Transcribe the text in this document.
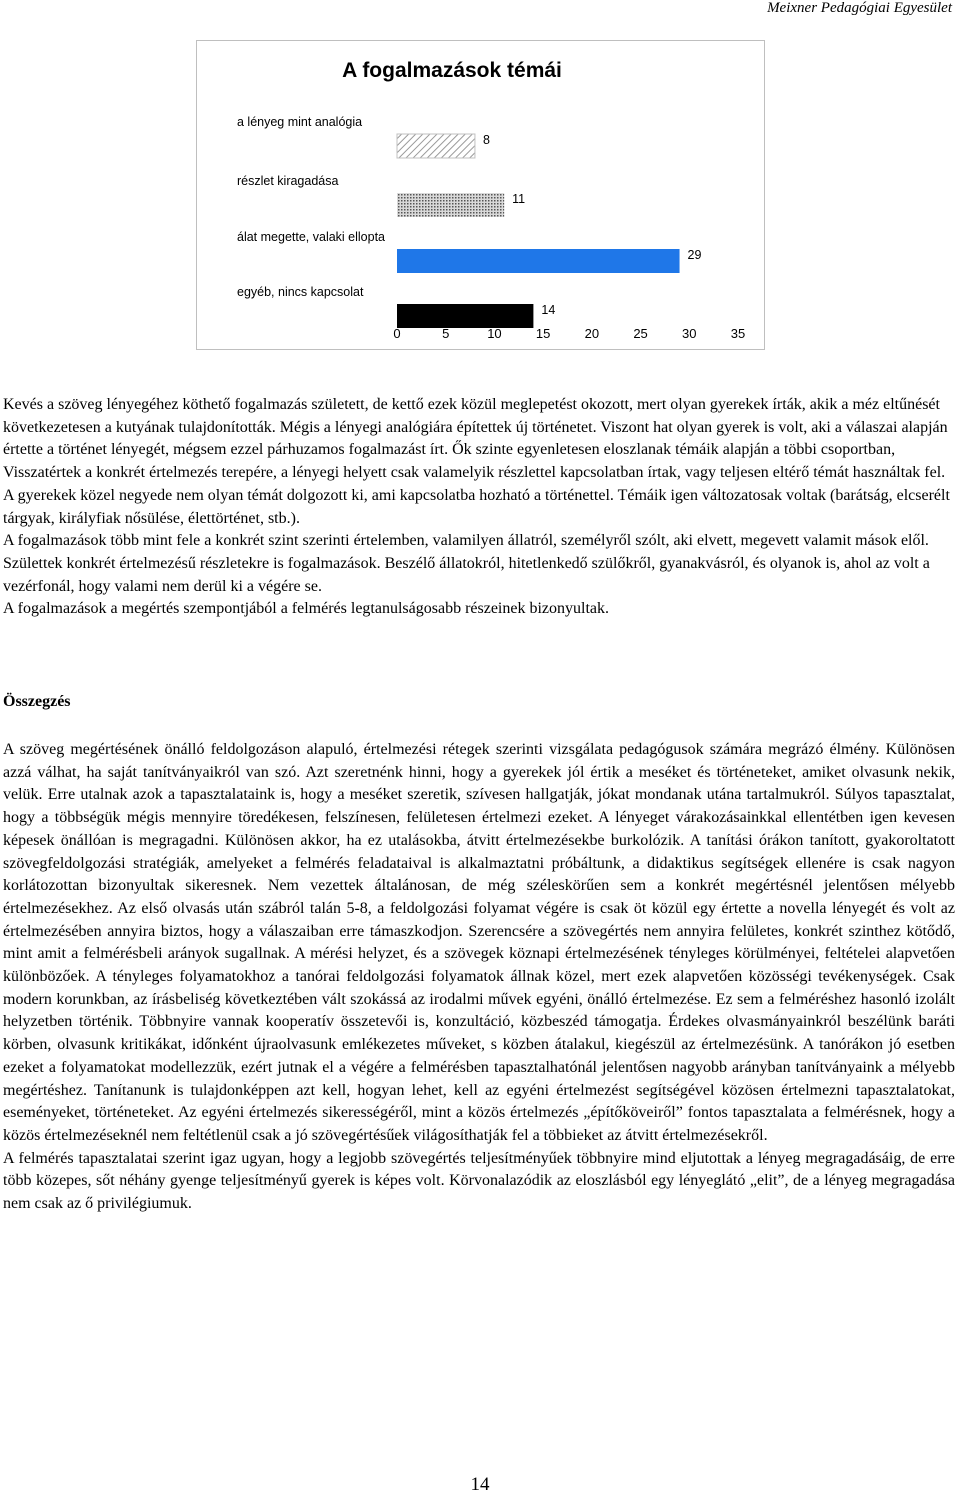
Meixner Pedagógiai Egyesület
A fogalmazások témái
a lényeg mint analógia
8
részlet kiragadása
11
álat megette, valaki ellopta
29
egyéb, nincs kapcsolat
14
0	5	10	15	20	25	30	35

Kevés a szöveg lényegéhez köthető fogalmazás született, de kettő ezek közül meglepetést okozott, mert olyan gyerekek írták, akik a méz eltűnését következetesen a kutyának tulajdonították. Mégis a lényegi analógiára építettek új történetet. Viszont hat olyan gyerek is volt, aki a válaszai alapján értette a történet lényegét, mégsem ezzel párhuzamos fogalmazást írt. Ők szinte egyenletesen eloszlanak témáik alapján a többi csoportban, Visszatértek a konkrét értelmezés terepére, a lényegi helyett csak valamelyik részlettel kapcsolatban írtak, vagy teljesen eltérő témát használtak fel.

A gyerekek közel negyede nem olyan témát dolgozott ki, ami kapcsolatba hozható a történettel. Témáik igen változatosak voltak (barátság, elcserélt tárgyak, királyfiak nősülése, élettörténet, stb.).

A fogalmazások több mint fele a konkrét szint szerinti értelemben, valamilyen állatról, személyről szólt, aki elvett, megevett valamit mások elől.

Születtek konkrét értelmezésű részletekre is fogalmazások. Beszélő állatokról, hitetlenkedő szülőkről, gyanakvásról, és olyanok is, ahol az volt a vezérfonál, hogy valami nem derül ki a végére se.

A fogalmazások a megértés szempontjából a felmérés legtanulságosabb részeinek bizonyultak.

Összegzés

A szöveg megértésének önálló feldolgozáson alapuló, értelmezési rétegek szerinti vizsgálata pedagógusok számára megrázó élmény. Különösen azzá válhat, ha saját tanítványaikról van szó. Azt szeretnénk hinni, hogy a gyerekek jól értik a meséket és történeteket, amiket olvasunk nekik, velük. Erre utalnak azok a tapasztalataink is, hogy a meséket szeretik, szívesen hallgatják, jókat mondanak utána tartalmukról. Súlyos tapasztalat, hogy a többségük mégis mennyire töredékesen, felszínesen, felületesen értelmezi ezeket. A lényeget várakozásainkkal ellentétben igen kevesen képesek önállóan is megragadni. Különösen akkor, ha ez utalásokba, átvitt értelmezésekbe burkolózik. A tanítási órákon tanított, gyakoroltatott szövegfeldolgozási stratégiák, amelyeket a felmérés feladataival is alkalmaztatni próbáltunk, a didaktikus segítségek ellenére is csak nagyon korlátozottan bizonyultak sikeresnek. Nem vezettek általánosan, de még széleskörűen sem a konkrét megértésnél jelentősen mélyebb értelmezésekhez. Az első olvasás után szábról talán 5-8, a feldolgozási folyamat végére is csak öt közül egy értette a novella lényegét és volt az értelmezésében annyira biztos, hogy a válaszaiban erre támaszkodjon. Szerencsére a szövegértés nem annyira felületes, konkrét szinthez kötődő, mint amit a felmérésbeli arányok sugallnak. A mérési helyzet, és a szövegek köznapi értelmezésének tényleges körülményei, feltételei alapvetően különbözőek. A tényleges folyamatokhoz a tanórai feldolgozási folyamatok állnak közel, mert ezek alapvetően közösségi tevékenységek. Csak modern korunkban, az írásbeliség következtében vált szokássá az irodalmi művek egyéni, önálló értelmezése. Ez sem a felméréshez hasonló izolált helyzetben történik. Többnyire vannak kooperatív összetevői is, konzultáció, közbeszéd támogatja. Érdekes olvasmányainkról beszélünk baráti körben, olvasunk kritikákat, időnként újraolvasunk emlékezetes műveket, s közben átalakul, kiegészül az értelmezésünk. A tanórákon jó esetben ezeket a folyamatokat modellezzük, ezért jutnak el a végére a felmérésben tapasztalhatónál jelentősen nagyobb arányban tanítványaink a mélyebb megértéshez. Tanítanunk is tulajdonképpen azt kell, hogyan lehet, kell az egyéni értelmezést segítségével közösen értelmezni tapasztalatokat, eseményeket, történeteket. Az egyéni értelmezés sikerességéről, mint a közös értelmezés „építőköveiről” fontos tapasztalata a felmérésnek, hogy a közös értelmezéseknél nem feltétlenül csak a jó szövegértésűek világosíthatják fel a többieket az átvitt értelmezésekről.

A felmérés tapasztalatai szerint igaz ugyan, hogy a legjobb szövegértés teljesítményűek többnyire mind eljutottak a lényeg megragadásáig, de erre több közepes, sőt néhány gyenge teljesítményű gyerek is képes volt. Körvonalazódik az eloszlásból egy lényeglátó „elit”, de a lényeg megragadása nem csak az ő privilégiumuk.

14
